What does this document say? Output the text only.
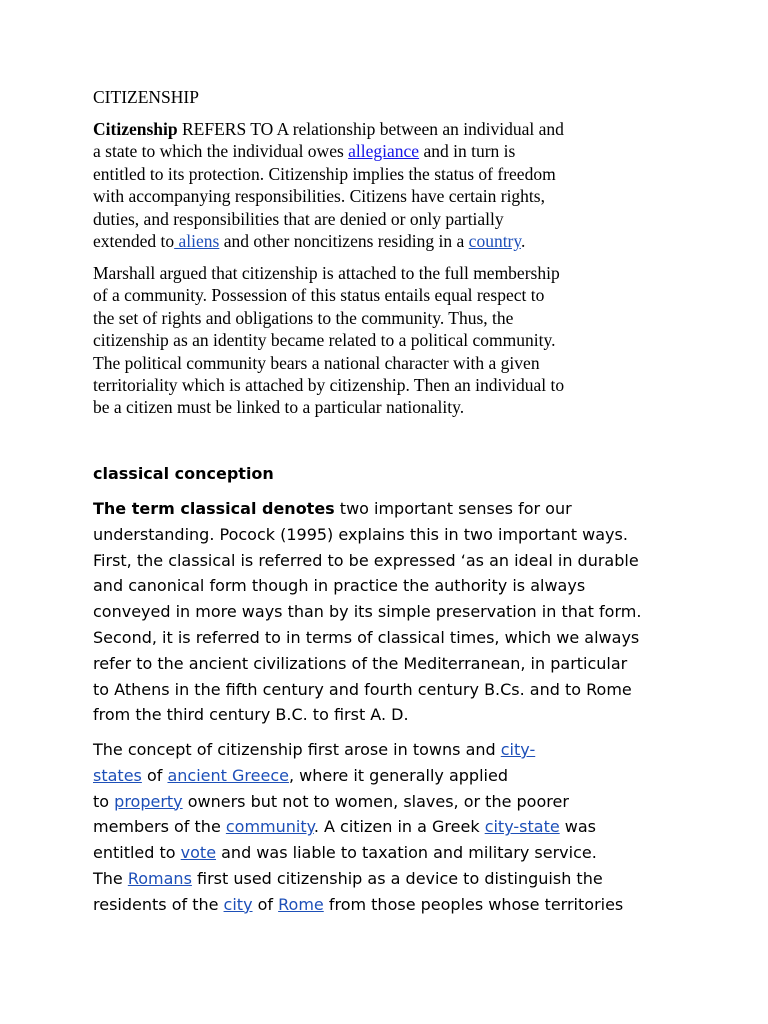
CITIZENSHIP
Citizenship REFERS TO A relationship between an individual and
a state to which the individual owes allegiance and in turn is
entitled to its protection. Citizenship implies the status of freedom
with accompanying responsibilities. Citizens have certain rights,
duties, and responsibilities that are denied or only partially
extended to aliens and other noncitizens residing in a country.
Marshall argued that citizenship is attached to the full membership
of a community. Possession of this status entails equal respect to
the set of rights and obligations to the community. Thus, the
citizenship as an identity became related to a political community.
The political community bears a national character with a given
territoriality which is attached by citizenship. Then an individual to
be a citizen must be linked to a particular nationality.
classical conception
The term classical denotes two important senses for our
understanding. Pocock (1995) explains this in two important ways.
First, the classical is referred to be expressed ‘as an ideal in durable
and canonical form though in practice the authority is always
conveyed in more ways than by its simple preservation in that form.
Second, it is referred to in terms of classical times, which we always
refer to the ancient civilizations of the Mediterranean, in particular
to Athens in the fifth century and fourth century B.Cs. and to Rome
from the third century B.C. to first A. D.
The concept of citizenship first arose in towns and city-
states of ancient Greece, where it generally applied
to property owners but not to women, slaves, or the poorer
members of the community. A citizen in a Greek city-state was
entitled to vote and was liable to taxation and military service.
The Romans first used citizenship as a device to distinguish the
residents of the city of Rome from those peoples whose territories
